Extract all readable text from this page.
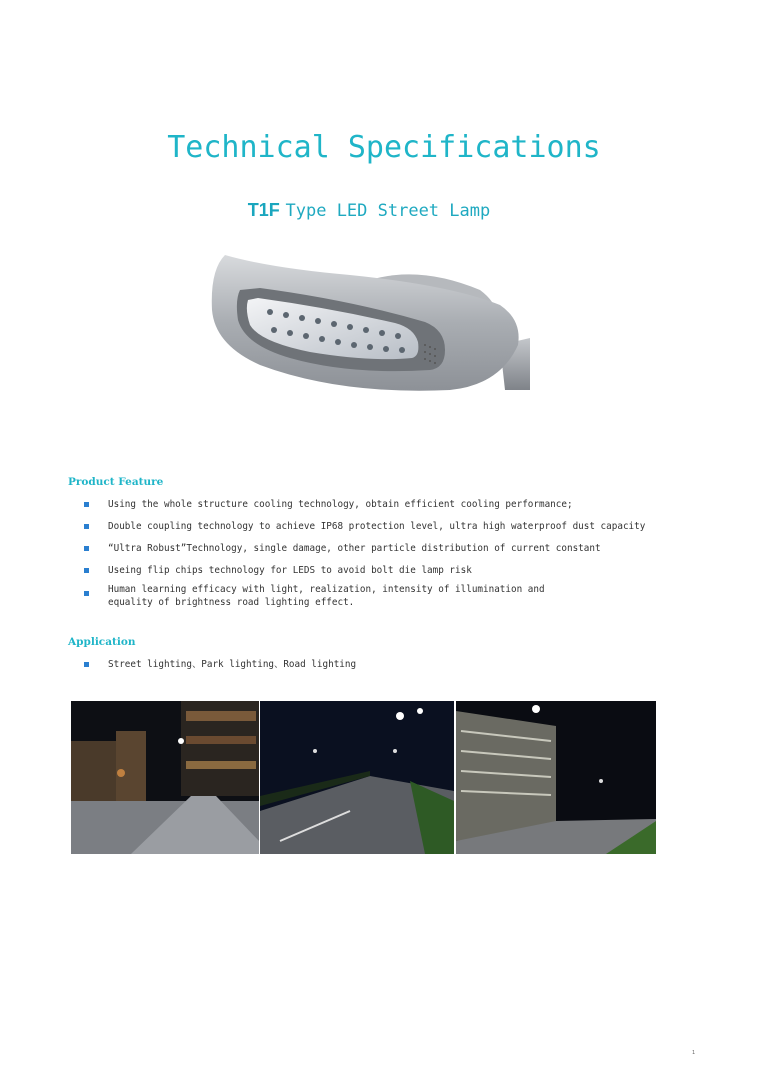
Technical Specifications
T1F Type LED Street Lamp
Product Feature
Using the whole structure cooling technology, obtain efficient cooling performance;
Double coupling technology to achieve IP68 protection level, ultra high waterproof dust capacity
“Ultra Robust”Technology, single damage, other particle distribution of current constant
Useing flip chips technology for LEDS to avoid bolt die lamp risk
Human learning efficacy with light, realization, intensity of illumination and equality of brightness road lighting effect.
Application
Street lighting、Park lighting、Road lighting
1
